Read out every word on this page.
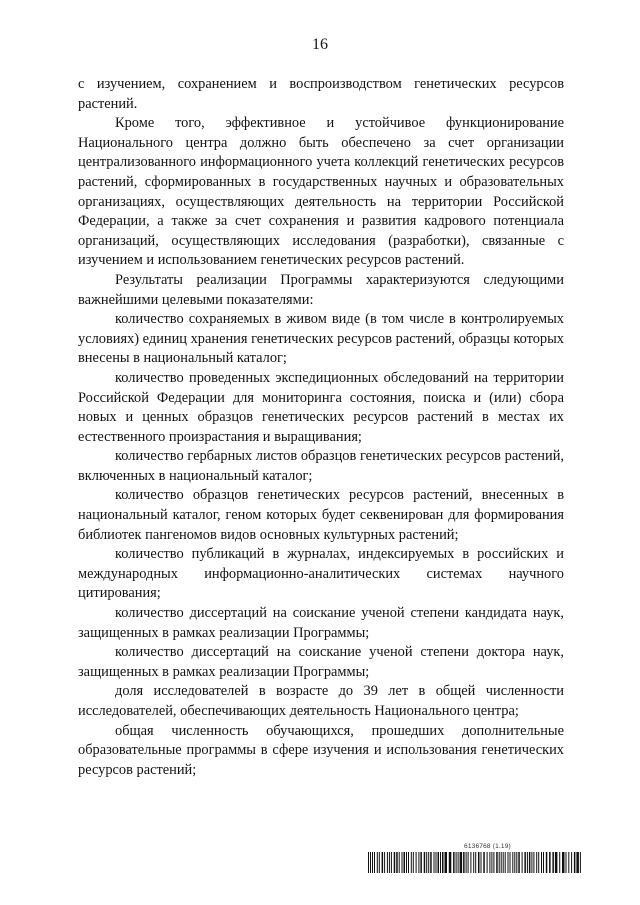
16

с изучением, сохранением и воспроизводством генетических ресурсов растений.

Кроме того, эффективное и устойчивое функционирование Национального центра должно быть обеспечено за счет организации централизованного информационного учета коллекций генетических ресурсов растений, сформированных в государственных научных и образовательных организациях, осуществляющих деятельность на территории Российской Федерации, а также за счет сохранения и развития кадрового потенциала организаций, осуществляющих исследования (разработки), связанные с изучением и использованием генетических ресурсов растений.

Результаты реализации Программы характеризуются следующими важнейшими целевыми показателями:

количество сохраняемых в живом виде (в том числе в контролируемых условиях) единиц хранения генетических ресурсов растений, образцы которых внесены в национальный каталог;

количество проведенных экспедиционных обследований на территории Российской Федерации для мониторинга состояния, поиска и (или) сбора новых и ценных образцов генетических ресурсов растений в местах их естественного произрастания и выращивания;

количество гербарных листов образцов генетических ресурсов растений, включенных в национальный каталог;

количество образцов генетических ресурсов растений, внесенных в национальный каталог, геном которых будет секвенирован для формирования библиотек пангеномов видов основных культурных растений;

количество публикаций в журналах, индексируемых в российских и международных информационно-аналитических системах научного цитирования;

количество диссертаций на соискание ученой степени кандидата наук, защищенных в рамках реализации Программы;

количество диссертаций на соискание ученой степени доктора наук, защищенных в рамках реализации Программы;

доля исследователей в возрасте до 39 лет в общей численности исследователей, обеспечивающих деятельность Национального центра;

общая численность обучающихся, прошедших дополнительные образовательные программы в сфере изучения и использования генетических ресурсов растений;

6136768 (1.19)
